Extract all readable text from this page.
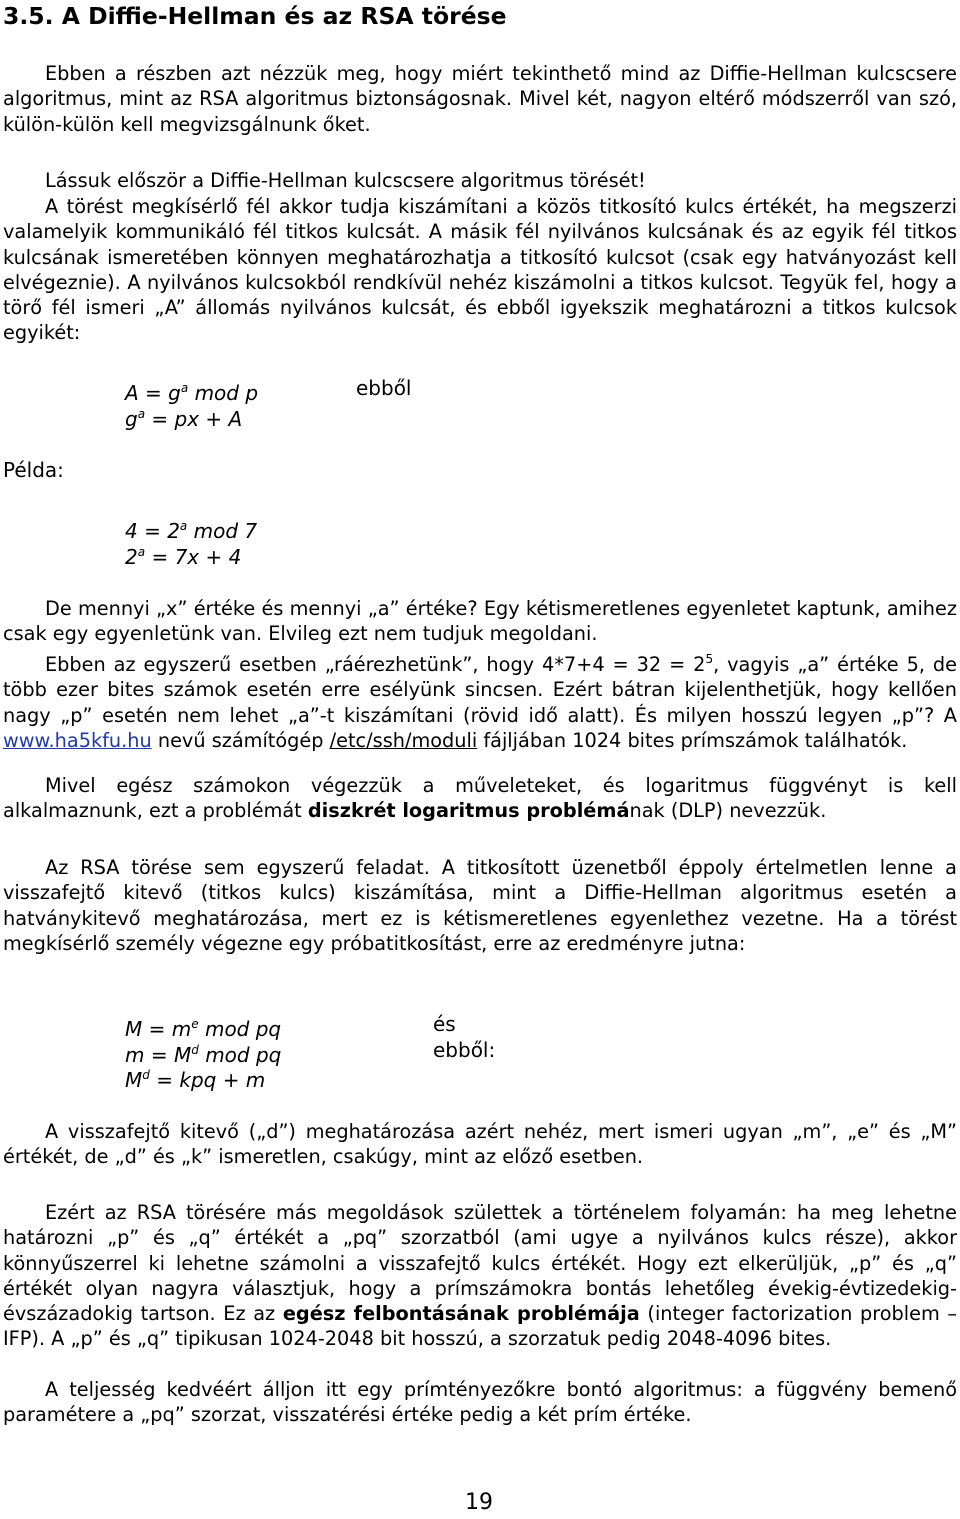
3.5. A Diffie-Hellman és az RSA törése

Ebben a részben azt nézzük meg, hogy miért tekinthető mind az Diffie-Hellman kulcscsere algoritmus, mint az RSA algoritmus biztonságosnak. Mivel két, nagyon eltérő módszerről van szó, külön-külön kell megvizsgálnunk őket.

Lássuk először a Diffie-Hellman kulcscsere algoritmus törését!

A törést megkísérlő fél akkor tudja kiszámítani a közös titkosító kulcs értékét, ha megszerzi valamelyik kommunikáló fél titkos kulcsát. A másik fél nyilvános kulcsának és az egyik fél titkos kulcsának ismeretében könnyen meghatározhatja a titkosító kulcsot (csak egy hatványozást kell elvégeznie). A nyilvános kulcsokból rendkívül nehéz kiszámolni a titkos kulcsot. Tegyük fel, hogy a törő fél ismeri „A” állomás nyilvános kulcsát, és ebből igyekszik meghatározni a titkos kulcsok egyikét:

$A = g^a$ mod p	ebből
$g^a$ = px + A
Példa:
$4 = 2^a$ mod 7
$2^a = 7x + 4$

De mennyi „x” értéke és mennyi „a” értéke? Egy kétismeretlenes egyenletet kaptunk, amihez csak egy egyenletünk van. Elvileg ezt nem tudjuk megoldani.

Ebben az egyszerű esetben „ráérezhetünk”, hogy $4*7+4 = 32 = 2^5$, vagyis „a” értéke 5, de több ezer bites számok esetén erre esélyünk sincsen. Ezért bátran kijelenthetjük, hogy kellően nagy „p” esetén nem lehet „a”-t kiszámítani (rövid idő alatt). És milyen hosszú legyen „p”? A www.ha5kfu.hu nevű számítógép /etc/ssh/moduli fájljában 1024 bites prímszámok találhatók.

Mivel egész számokon végezzük a műveleteket, és logaritmus függvényt is kell alkalmaznunk, ezt a problémát diszkrét logaritmus problémának (DLP) nevezzük.

Az RSA törése sem egyszerű feladat. A titkosított üzenetből éppoly értelmetlen lenne a visszafejtő kitevő (titkos kulcs) kiszámítása, mint a Diffie-Hellman algoritmus esetén a hatványkitevő meghatározása, mert ez is kétismeretlenes egyenlethez vezetne. Ha a törést megkísérlő személy végezne egy próbatitkosítást, erre az eredményre jutna:

$M = m^e$ mod pq	és
$m = M^d$ mod pq	ebből:
$M^d$ = kpq + m

A visszafejtő kitevő („d”) meghatározása azért nehéz, mert ismeri ugyan „m”, „e” és „M” értékét, de „d” és „k” ismeretlen, csakúgy, mint az előző esetben.

Ezért az RSA törésére más megoldások születtek a történelem folyamán: ha meg lehetne határozni „p” és „q” értékét a „pq” szorzatból (ami ugye a nyilvános kulcs része), akkor könnyűszerrel ki lehetne számolni a visszafejtő kulcs értékét. Hogy ezt elkerüljük, „p” és „q” értékét olyan nagyra választjuk, hogy a prímszámokra bontás lehetőleg évekig-évtizedekig-évszázadokig tartson. Ez az egész felbontásának problémája (integer factorization problem – IFP). A „p” és „q” tipikusan 1024-2048 bit hosszú, a szorzatuk pedig 2048-4096 bites.

A teljesség kedvéért álljon itt egy prímtényezőkre bontó algoritmus: a függvény bemenő paramétere a „pq” szorzat, visszatérési értéke pedig a két prím értéke.

19
